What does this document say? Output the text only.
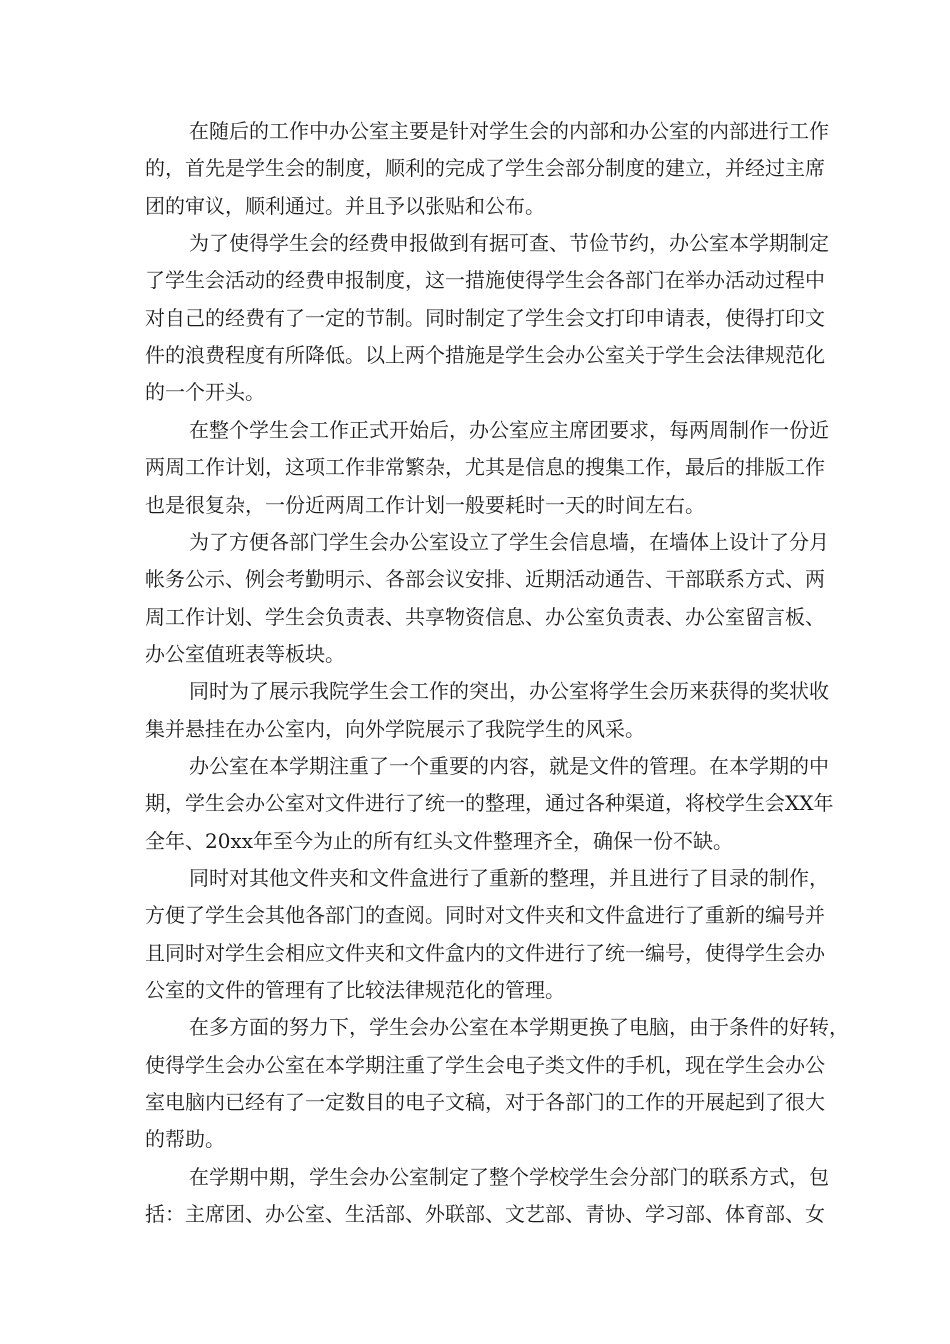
在随后的工作中办公室主要是针对学生会的内部和办公室的内部进行工作
的，首先是学生会的制度，顺利的完成了学生会部分制度的建立，并经过主席
团的审议，顺利通过。并且予以张贴和公布。
为了使得学生会的经费申报做到有据可查、节俭节约，办公室本学期制定
了学生会活动的经费申报制度，这一措施使得学生会各部门在举办活动过程中
对自己的经费有了一定的节制。同时制定了学生会文打印申请表，使得打印文
件的浪费程度有所降低。以上两个措施是学生会办公室关于学生会法律规范化
的一个开头。
在整个学生会工作正式开始后，办公室应主席团要求，每两周制作一份近
两周工作计划，这项工作非常繁杂，尤其是信息的搜集工作，最后的排版工作
也是很复杂，一份近两周工作计划一般要耗时一天的时间左右。
为了方便各部门学生会办公室设立了学生会信息墙，在墙体上设计了分月
帐务公示、例会考勤明示、各部会议安排、近期活动通告、干部联系方式、两
周工作计划、学生会负责表、共享物资信息、办公室负责表、办公室留言板、
办公室值班表等板块。
同时为了展示我院学生会工作的突出，办公室将学生会历来获得的奖状收
集并悬挂在办公室内，向外学院展示了我院学生的风采。
办公室在本学期注重了一个重要的内容，就是文件的管理。在本学期的中
期，学生会办公室对文件进行了统一的整理，通过各种渠道，将校学生会XX年
全年、20xx年至今为止的所有红头文件整理齐全，确保一份不缺。
同时对其他文件夹和文件盒进行了重新的整理，并且进行了目录的制作，
方便了学生会其他各部门的查阅。同时对文件夹和文件盒进行了重新的编号并
且同时对学生会相应文件夹和文件盒内的文件进行了统一编号，使得学生会办
公室的文件的管理有了比较法律规范化的管理。
在多方面的努力下，学生会办公室在本学期更换了电脑，由于条件的好转，
使得学生会办公室在本学期注重了学生会电子类文件的手机，现在学生会办公
室电脑内已经有了一定数目的电子文稿，对于各部门的工作的开展起到了很大
的帮助。
在学期中期，学生会办公室制定了整个学校学生会分部门的联系方式，包
括：主席团、办公室、生活部、外联部、文艺部、青协、学习部、体育部、女
